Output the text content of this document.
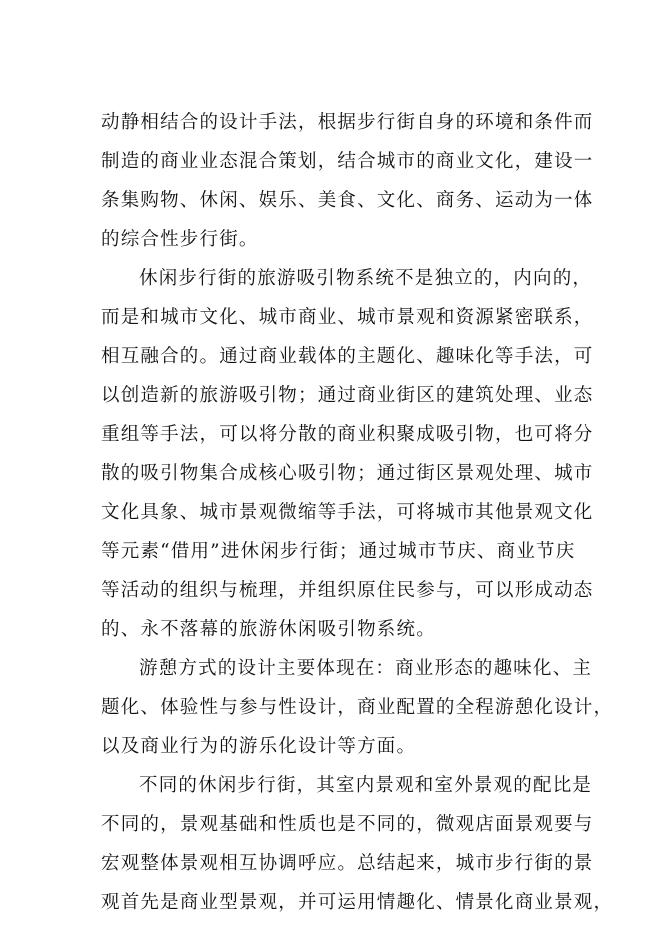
动静相结合的设计手法，根据步行街自身的环境和条件而
制造的商业业态混合策划，结合城市的商业文化，建设一
条集购物、休闲、娱乐、美食、文化、商务、运动为一体
的综合性步行街。
休闲步行街的旅游吸引物系统不是独立的，内向的，
而是和城市文化、城市商业、城市景观和资源紧密联系，
相互融合的。通过商业载体的主题化、趣味化等手法，可
以创造新的旅游吸引物；通过商业街区的建筑处理、业态
重组等手法，可以将分散的商业积聚成吸引物，也可将分
散的吸引物集合成核心吸引物；通过街区景观处理、城市
文化具象、城市景观微缩等手法，可将城市其他景观文化
等元素“借用”进休闲步行街；通过城市节庆、商业节庆
等活动的组织与梳理，并组织原住民参与，可以形成动态
的、永不落幕的旅游休闲吸引物系统。
游憩方式的设计主要体现在：商业形态的趣味化、主
题化、体验性与参与性设计，商业配置的全程游憩化设计，
以及商业行为的游乐化设计等方面。
不同的休闲步行街，其室内景观和室外景观的配比是
不同的，景观基础和性质也是不同的，微观店面景观要与
宏观整体景观相互协调呼应。总结起来，城市步行街的景
观首先是商业型景观，并可运用情趣化、情景化商业景观，
